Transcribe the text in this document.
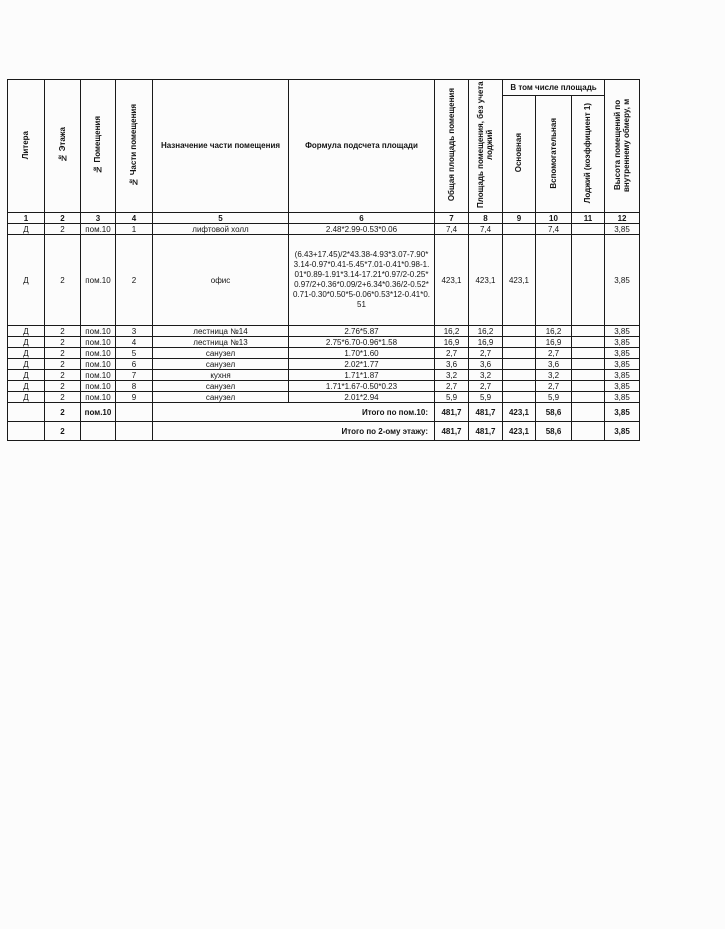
Литера	№ Этажа	№ Помещения	№ Части помещения	Назначение части помещения	Формула подсчета площади	Общая площадь помещения	Площадь помещения, без учета лоджий	В том числе площадь			Высота помещений по внутреннему обмеру, м
								Основная	Вспомогательная	Лоджий (коэффициент 1)	
1	2	3	4	5	6	7	8	9	10	11	12
Д	2	пом.10	1	лифтовой холл	2.48*2.99-0.53*0.06	7,4	7,4		7,4		3,85
Д	2	пом.10	2	офис	(6.43+17.45)/2*43.38-4.93*3.07-7.90*3.14-0.97*0.41-5.45*7.01-0.41*0.98-1.01*0.89-1.91*3.14-17.21*0.97/2-0.25*0.97/2+0.36*0.09/2+6.34*0.36/2-0.52*0.71-0.30*0.50*5-0.06*0.53*12-0.41*0.51	423,1	423,1	423,1			3,85
Д	2	пом.10	3	лестница №14	2.76*5.87	16,2	16,2		16,2		3,85
Д	2	пом.10	4	лестница №13	2.75*6.70-0.96*1.58	16,9	16,9		16,9		3,85
Д	2	пом.10	5	санузел	1.70*1.60	2,7	2,7		2,7		3,85
Д	2	пом.10	6	санузел	2.02*1.77	3,6	3,6		3,6		3,85
Д	2	пом.10	7	кухня	1.71*1.87	3,2	3,2		3,2		3,85
Д	2	пом.10	8	санузел	1.71*1.67-0.50*0.23	2,7	2,7		2,7		3,85
Д	2	пом.10	9	санузел	2.01*2.94	5,9	5,9		5,9		3,85
	2	пом.10		Итого по пом.10:		481,7	481,7	423,1	58,6		3,85
	2			Итого по 2-ому этажу:		481,7	481,7	423,1	58,6		3,85
